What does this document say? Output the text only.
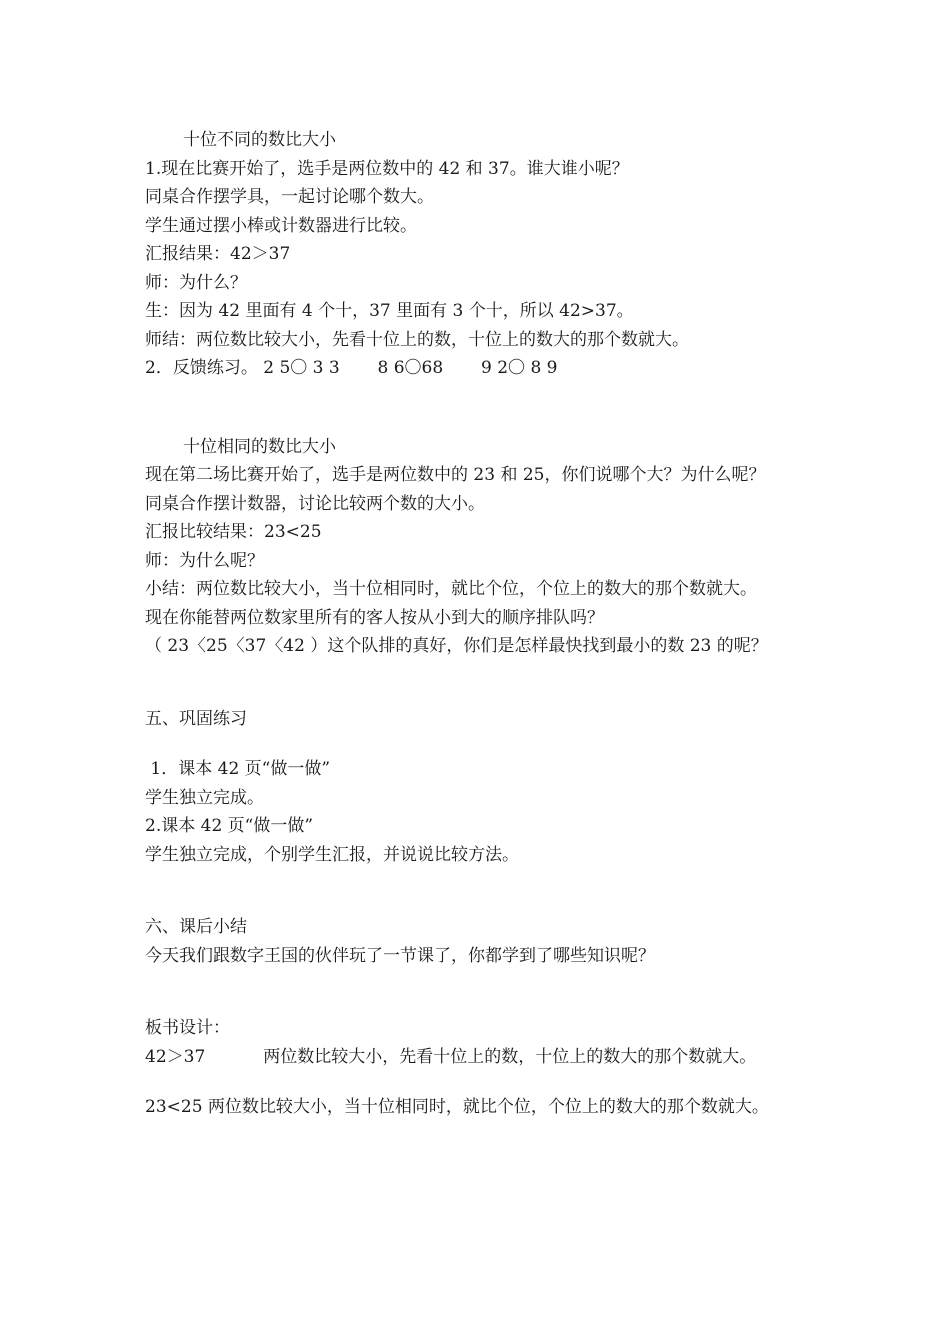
十位不同的数比大小
1.现在比赛开始了，选手是两位数中的 42 和 37。谁大谁小呢？
同桌合作摆学具，一起讨论哪个数大。
学生通过摆小棒或计数器进行比较。
汇报结果：42＞37
师：为什么？
生：因为 42 里面有 4 个十，37 里面有 3 个十，所以 42>37。
师结：两位数比较大小，先看十位上的数，十位上的数大的那个数就大。
2．反馈练习。 2 5〇 3 3       8 6〇68       9 2〇 8 9
十位相同的数比大小
现在第二场比赛开始了，选手是两位数中的 23 和 25，你们说哪个大？为什么呢？
同桌合作摆计数器，讨论比较两个数的大小。
汇报比较结果：23<25
师：为什么呢？
小结：两位数比较大小，当十位相同时，就比个位，个位上的数大的那个数就大。
现在你能替两位数家里所有的客人按从小到大的顺序排队吗？
（ 23〈25〈37〈42 ）这个队排的真好，你们是怎样最快找到最小的数 23 的呢？
五、巩固练习
1．课本 42 页“做一做”
学生独立完成。
2.课本 42 页“做一做”
学生独立完成，个别学生汇报，并说说比较方法。
六、课后小结
今天我们跟数字王国的伙伴玩了一节课了，你都学到了哪些知识呢？
板书设计：
42＞37	两位数比较大小，先看十位上的数，十位上的数大的那个数就大。
23<25 两位数比较大小，当十位相同时，就比个位，个位上的数大的那个数就大。
